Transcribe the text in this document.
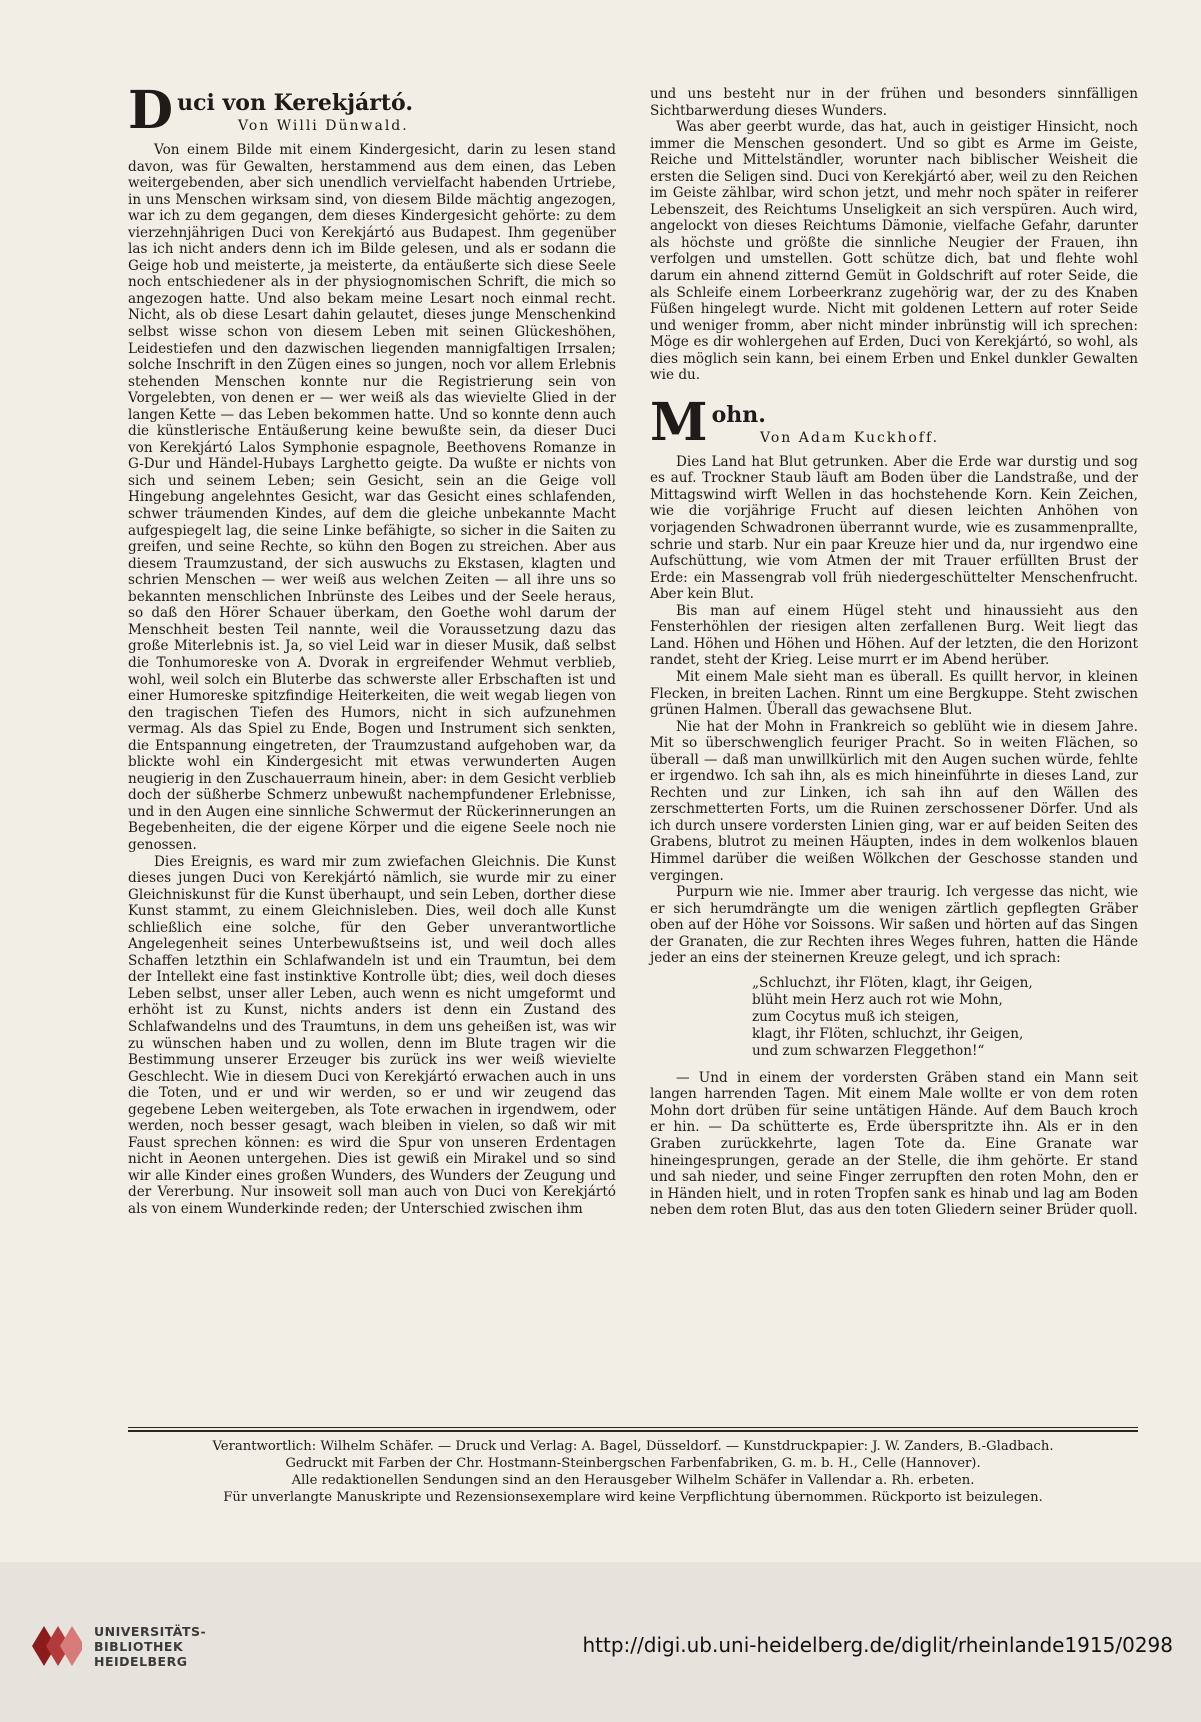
D uci von Kerekjártó.
Von Willi Dünwald.

Von einem Bilde mit einem Kindergesicht, darin zu lesen stand davon, was für Gewalten, herstammend aus dem einen, das Leben weitergebenden, aber sich unendlich vervielfacht habenden Urtriebe, in uns Menschen wirksam sind, von diesem Bilde mächtig angezogen, war ich zu dem gegangen, dem dieses Kindergesicht gehörte: zu dem vierzehnjährigen Duci von Kerekjártó aus Budapest. Ihm gegenüber las ich nicht anders denn ich im Bilde gelesen, und als er sodann die Geige hob und meisterte, ja meisterte, da entäußerte sich diese Seele noch entschiedener als in der physiognomischen Schrift, die mich so angezogen hatte. Und also bekam meine Lesart noch einmal recht. Nicht, als ob diese Lesart dahin gelautet, dieses junge Menschenkind selbst wisse schon von diesem Leben mit seinen Glückeshöhen, Leidestiefen und den dazwischen liegenden mannigfaltigen Irrsalen; solche Inschrift in den Zügen eines so jungen, noch vor allem Erlebnis stehenden Menschen konnte nur die Registrierung sein von Vorgelebten, von denen er — wer weiß als das wievielte Glied in der langen Kette — das Leben bekommen hatte. Und so konnte denn auch die künstlerische Entäußerung keine bewußte sein, da dieser Duci von Kerekjártó Lalos Symphonie espagnole, Beethovens Romanze in G-Dur und Händel-Hubays Larghetto geigte. Da wußte er nichts von sich und seinem Leben; sein Gesicht, sein an die Geige voll Hingebung angelehntes Gesicht, war das Gesicht eines schlafenden, schwer träumenden Kindes, auf dem die gleiche unbekannte Macht aufgespiegelt lag, die seine Linke befähigte, so sicher in die Saiten zu greifen, und seine Rechte, so kühn den Bogen zu streichen. Aber aus diesem Traumzustand, der sich auswuchs zu Ekstasen, klagten und schrien Menschen — wer weiß aus welchen Zeiten — all ihre uns so bekannten menschlichen Inbrünste des Leibes und der Seele heraus, so daß den Hörer Schauer überkam, den Goethe wohl darum der Menschheit besten Teil nannte, weil die Voraussetzung dazu das große Miterlebnis ist. Ja, so viel Leid war in dieser Musik, daß selbst die Tonhumoreske von A. Dvorak in ergreifender Wehmut verblieb, wohl, weil solch ein Bluterbe das schwerste aller Erbschaften ist und einer Humoreske spitzfindige Heiterkeiten, die weit wegab liegen von den tragischen Tiefen des Humors, nicht in sich aufzunehmen vermag. Als das Spiel zu Ende, Bogen und Instrument sich senkten, die Entspannung eingetreten, der Traumzustand aufgehoben war, da blickte wohl ein Kindergesicht mit etwas verwunderten Augen neugierig in den Zuschauerraum hinein, aber: in dem Gesicht verblieb doch der süßherbe Schmerz unbewußt nachempfundener Erlebnisse, und in den Augen eine sinnliche Schwermut der Rückerinnerungen an Begebenheiten, die der eigene Körper und die eigene Seele noch nie genossen.

Dies Ereignis, es ward mir zum zwiefachen Gleichnis. Die Kunst dieses jungen Duci von Kerekjártó nämlich, sie wurde mir zu einer Gleichniskunst für die Kunst überhaupt, und sein Leben, dorther diese Kunst stammt, zu einem Gleichnisleben. Dies, weil doch alle Kunst schließlich eine solche, für den Geber unverantwortliche Angelegenheit seines Unterbewußtseins ist, und weil doch alles Schaffen letzthin ein Schlafwandeln ist und ein Traumtun, bei dem der Intellekt eine fast instinktive Kontrolle übt; dies, weil doch dieses Leben selbst, unser aller Leben, auch wenn es nicht umgeformt und erhöht ist zu Kunst, nichts anders ist denn ein Zustand des Schlafwandelns und des Traumtuns, in dem uns geheißen ist, was wir zu wünschen haben und zu wollen, denn im Blute tragen wir die Bestimmung unserer Erzeuger bis zurück ins wer weiß wievielte Geschlecht. Wie in diesem Duci von Kerekjártó erwachen auch in uns die Toten, und er und wir werden, so er und wir zeugend das gegebene Leben weitergeben, als Tote erwachen in irgendwem, oder werden, noch besser gesagt, wach bleiben in vielen, so daß wir mit Faust sprechen können: es wird die Spur von unseren Erdentagen nicht in Aeonen untergehen. Dies ist gewiß ein Mirakel und so sind wir alle Kinder eines großen Wunders, des Wunders der Zeugung und der Vererbung. Nur insoweit soll man auch von Duci von Kerekjártó als von einem Wunderkinde reden; der Unterschied zwischen ihm

und uns besteht nur in der frühen und besonders sinnfälligen Sichtbarwerdung dieses Wunders.

Was aber geerbt wurde, das hat, auch in geistiger Hinsicht, noch immer die Menschen gesondert. Und so gibt es Arme im Geiste, Reiche und Mittelständler, worunter nach biblischer Weisheit die ersten die Seligen sind. Duci von Kerekjártó aber, weil zu den Reichen im Geiste zählbar, wird schon jetzt, und mehr noch später in reiferer Lebenszeit, des Reichtums Unseligkeit an sich verspüren. Auch wird, angelockt von dieses Reichtums Dämonie, vielfache Gefahr, darunter als höchste und größte die sinnliche Neugier der Frauen, ihn verfolgen und umstellen. Gott schütze dich, bat und flehte wohl darum ein ahnend zitternd Gemüt in Goldschrift auf roter Seide, die als Schleife einem Lorbeerkranz zugehörig war, der zu des Knaben Füßen hingelegt wurde. Nicht mit goldenen Lettern auf roter Seide und weniger fromm, aber nicht minder inbrünstig will ich sprechen: Möge es dir wohlergehen auf Erden, Duci von Kerekjártó, so wohl, als dies möglich sein kann, bei einem Erben und Enkel dunkler Gewalten wie du.

M ohn.
Von Adam Kuckhoff.

Dies Land hat Blut getrunken. Aber die Erde war durstig und sog es auf. Trockner Staub läuft am Boden über die Landstraße, und der Mittagswind wirft Wellen in das hochstehende Korn. Kein Zeichen, wie die vorjährige Frucht auf diesen leichten Anhöhen von vorjagenden Schwadronen überrannt wurde, wie es zusammenprallte, schrie und starb. Nur ein paar Kreuze hier und da, nur irgendwo eine Aufschüttung, wie vom Atmen der mit Trauer erfüllten Brust der Erde: ein Massengrab voll früh niedergeschüttelter Menschenfrucht. Aber kein Blut.

Bis man auf einem Hügel steht und hinaussieht aus den Fensterhöhlen der riesigen alten zerfallenen Burg. Weit liegt das Land. Höhen und Höhen und Höhen. Auf der letzten, die den Horizont randet, steht der Krieg. Leise murrt er im Abend herüber.

Mit einem Male sieht man es überall. Es quillt hervor, in kleinen Flecken, in breiten Lachen. Rinnt um eine Bergkuppe. Steht zwischen grünen Halmen. Überall das gewachsene Blut.

Nie hat der Mohn in Frankreich so geblüht wie in diesem Jahre. Mit so überschwenglich feuriger Pracht. So in weiten Flächen, so überall — daß man unwillkürlich mit den Augen suchen würde, fehlte er irgendwo. Ich sah ihn, als es mich hineinführte in dieses Land, zur Rechten und zur Linken, ich sah ihn auf den Wällen des zerschmetterten Forts, um die Ruinen zerschossener Dörfer. Und als ich durch unsere vordersten Linien ging, war er auf beiden Seiten des Grabens, blutrot zu meinen Häupten, indes in dem wolkenlos blauen Himmel darüber die weißen Wölkchen der Geschosse standen und vergingen.

Purpurn wie nie. Immer aber traurig. Ich vergesse das nicht, wie er sich herumdrängte um die wenigen zärtlich gepflegten Gräber oben auf der Höhe vor Soissons. Wir saßen und hörten auf das Singen der Granaten, die zur Rechten ihres Weges fuhren, hatten die Hände jeder an eins der steinernen Kreuze gelegt, und ich sprach:

„Schluchzt, ihr Flöten, klagt, ihr Geigen,
blüht mein Herz auch rot wie Mohn,
zum Cocytus muß ich steigen,
klagt, ihr Flöten, schluchzt, ihr Geigen,
und zum schwarzen Fleggethon!“

— Und in einem der vordersten Gräben stand ein Mann seit langen harrenden Tagen. Mit einem Male wollte er von dem roten Mohn dort drüben für seine untätigen Hände. Auf dem Bauch kroch er hin. — Da schütterte es, Erde überspritzte ihn. Als er in den Graben zurückkehrte, lagen Tote da. Eine Granate war hineingesprungen, gerade an der Stelle, die ihm gehörte. Er stand und sah nieder, und seine Finger zerrupften den roten Mohn, den er in Händen hielt, und in roten Tropfen sank es hinab und lag am Boden neben dem roten Blut, das aus den toten Gliedern seiner Brüder quoll.

Verantwortlich: Wilhelm Schäfer. — Druck und Verlag: A. Bagel, Düsseldorf. — Kunstdruckpapier: J. W. Zanders, B.-Gladbach.
Gedruckt mit Farben der Chr. Hostmann-Steinbergschen Farbenfabriken, G. m. b. H., Celle (Hannover).
Alle redaktionellen Sendungen sind an den Herausgeber Wilhelm Schäfer in Vallendar a. Rh. erbeten.
Für unverlangte Manuskripte und Rezensionsexemplare wird keine Verpflichtung übernommen. Rückporto ist beizulegen.
UNIVERSITÄTS-
BIBLIOTHEK
HEIDELBERG
http://digi.ub.uni-heidelberg.de/diglit/rheinlande1915/0298
